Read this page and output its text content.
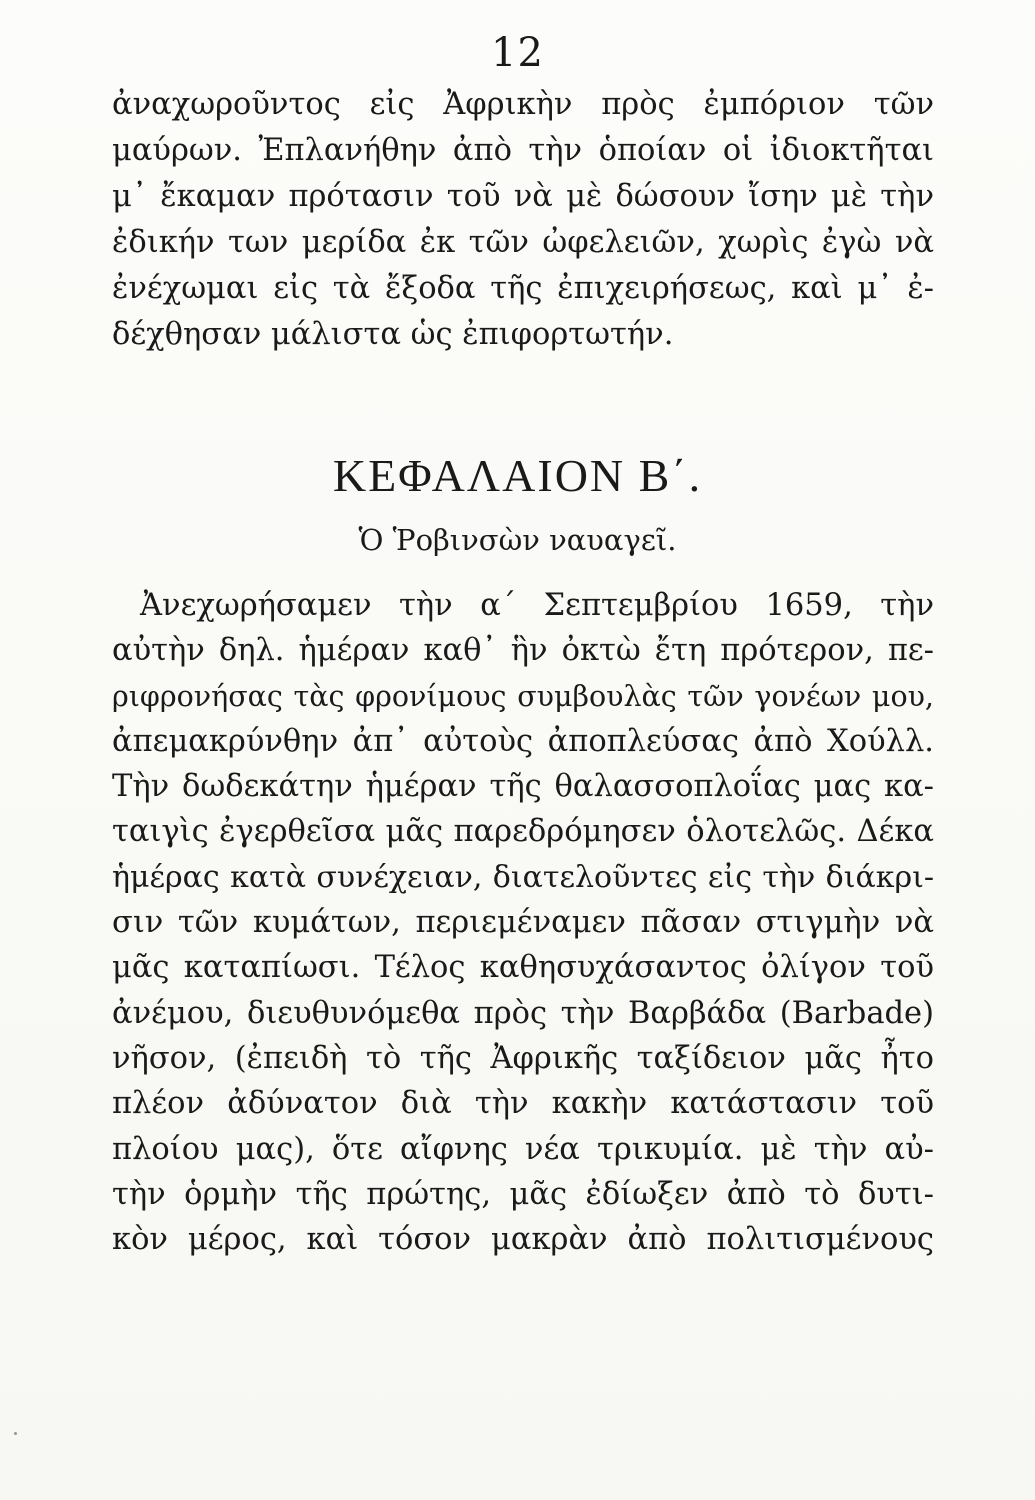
12
ἀναχωροῦντος εἰς Ἀφρικὴν πρὸς ἐμπόριον τῶν
μαύρων. Ἐπλανήθην ἀπὸ τὴν ὁποίαν οἱ ἰδιοκτῆται
μ᾽ ἔκαμαν πρότασιν τοῦ νὰ μὲ δώσουν ἴσην μὲ τὴν
ἐδικήν των μερίδα ἐκ τῶν ὠφελειῶν, χωρὶς ἐγὼ νὰ
ἐνέχωμαι εἰς τὰ ἔξοδα τῆς ἐπιχειρήσεως, καὶ μ᾽ ἐ-
δέχθησαν μάλιστα ὡς ἐπιφορτωτήν.
ΚΕΦΑΛΑΙΟΝ Β΄.
Ὁ Ῥοβινσὼν ναυαγεῖ.
Ἀνεχωρήσαμεν τὴν α΄ Σεπτεμβρίου 1659, τὴν
αὐτὴν δηλ. ἡμέραν καθ᾽ ἣν ὀκτὼ ἔτη πρότερον, πε-
ριφρονήσας τὰς φρονίμους συμβουλὰς τῶν γονέων μου,
ἀπεμακρύνθην ἀπ᾽ αὐτοὺς ἀποπλεύσας ἀπὸ Χούλλ.
Τὴν δωδεκάτην ἡμέραν τῆς θαλασσοπλοΐας μας κα-
ταιγὶς ἐγερθεῖσα μᾶς παρεδρόμησεν ὁλοτελῶς. Δέκα
ἡμέρας κατὰ συνέχειαν, διατελοῦντες εἰς τὴν διάκρι-
σιν τῶν κυμάτων, περιεμέναμεν πᾶσαν στιγμὴν νὰ
μᾶς καταπίωσι. Τέλος καθησυχάσαντος ὀλίγον τοῦ
ἀνέμου, διευθυνόμεθα πρὸς τὴν Βαρβάδα (Barbade)
νῆσον, (ἐπειδὴ τὸ τῆς Ἀφρικῆς ταξίδειον μᾶς ἦτο
πλέον ἀδύνατον διὰ τὴν κακὴν κατάστασιν τοῦ
πλοίου μας), ὅτε αἴφνης νέα τρικυμία. μὲ τὴν αὐ-
τὴν ὁρμὴν τῆς πρώτης, μᾶς ἐδίωξεν ἀπὸ τὸ δυτι-
κὸν μέρος, καὶ τόσον μακρὰν ἀπὸ πολιτισμένους
